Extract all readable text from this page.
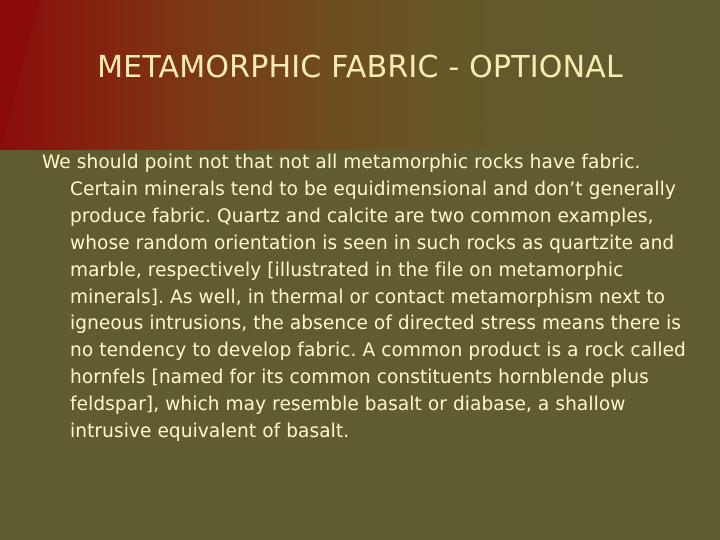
METAMORPHIC FABRIC - OPTIONAL

We should point not that not all metamorphic rocks have fabric. Certain minerals tend to be equidimensional and don’t generally produce fabric. Quartz and calcite are two common examples, whose random orientation is seen in such rocks as quartzite and marble, respectively [illustrated in the file on metamorphic minerals]. As well, in thermal or contact metamorphism next to igneous intrusions, the absence of directed stress means there is no tendency to develop fabric. A common product is a rock called hornfels [named for its common constituents hornblende plus feldspar], which may resemble basalt or diabase, a shallow intrusive equivalent of basalt.
